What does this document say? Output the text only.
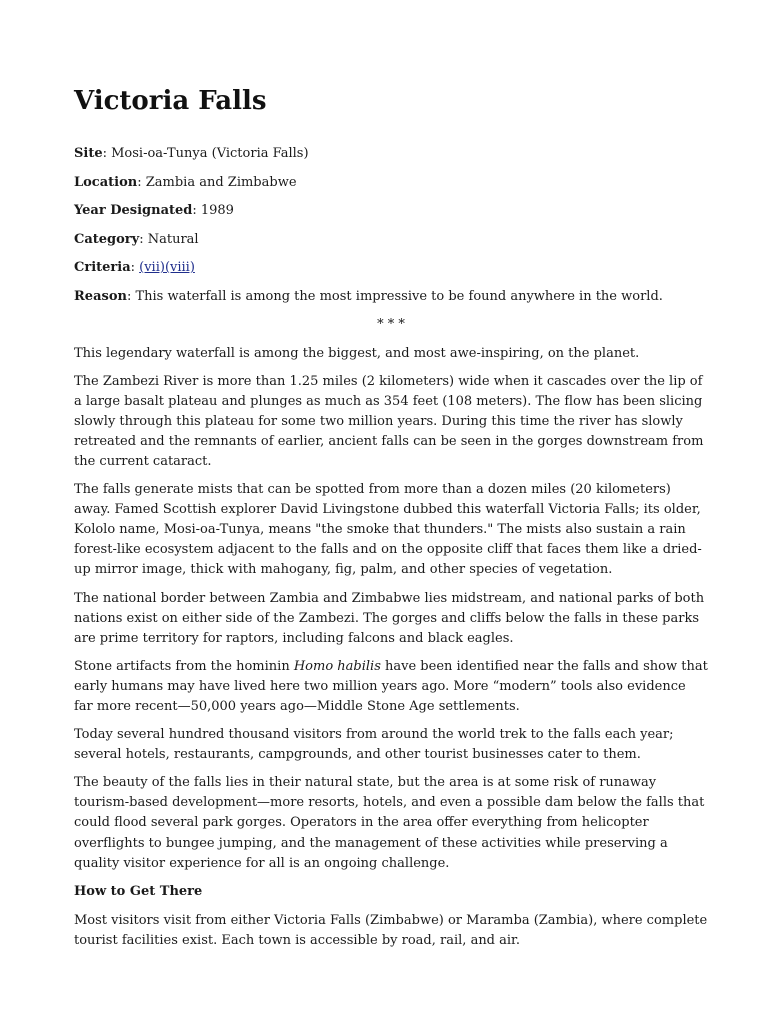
Victoria Falls
Site: Mosi-oa-Tunya (Victoria Falls)
Location: Zambia and Zimbabwe
Year Designated: 1989
Category: Natural
Criteria: (vii)(viii)
Reason: This waterfall is among the most impressive to be found anywhere in the world.
* * *

This legendary waterfall is among the biggest, and most awe-inspiring, on the planet.

The Zambezi River is more than 1.25 miles (2 kilometers) wide when it cascades over the lip of a large basalt plateau and plunges as much as 354 feet (108 meters). The flow has been slicing slowly through this plateau for some two million years. During this time the river has slowly retreated and the remnants of earlier, ancient falls can be seen in the gorges downstream from the current cataract.

The falls generate mists that can be spotted from more than a dozen miles (20 kilometers) away. Famed Scottish explorer David Livingstone dubbed this waterfall Victoria Falls; its older, Kololo name, Mosi-oa-Tunya, means "the smoke that thunders." The mists also sustain a rain forest-like ecosystem adjacent to the falls and on the opposite cliff that faces them like a dried-up mirror image, thick with mahogany, fig, palm, and other species of vegetation.

The national border between Zambia and Zimbabwe lies midstream, and national parks of both nations exist on either side of the Zambezi. The gorges and cliffs below the falls in these parks are prime territory for raptors, including falcons and black eagles.

Stone artifacts from the hominin Homo habilis have been identified near the falls and show that early humans may have lived here two million years ago. More “modern” tools also evidence far more recent—50,000 years ago—Middle Stone Age settlements.

Today several hundred thousand visitors from around the world trek to the falls each year; several hotels, restaurants, campgrounds, and other tourist businesses cater to them.

The beauty of the falls lies in their natural state, but the area is at some risk of runaway tourism-based development—more resorts, hotels, and even a possible dam below the falls that could flood several park gorges. Operators in the area offer everything from helicopter overflights to bungee jumping, and the management of these activities while preserving a quality visitor experience for all is an ongoing challenge.

How to Get There

Most visitors visit from either Victoria Falls (Zimbabwe) or Maramba (Zambia), where complete tourist facilities exist. Each town is accessible by road, rail, and air.
